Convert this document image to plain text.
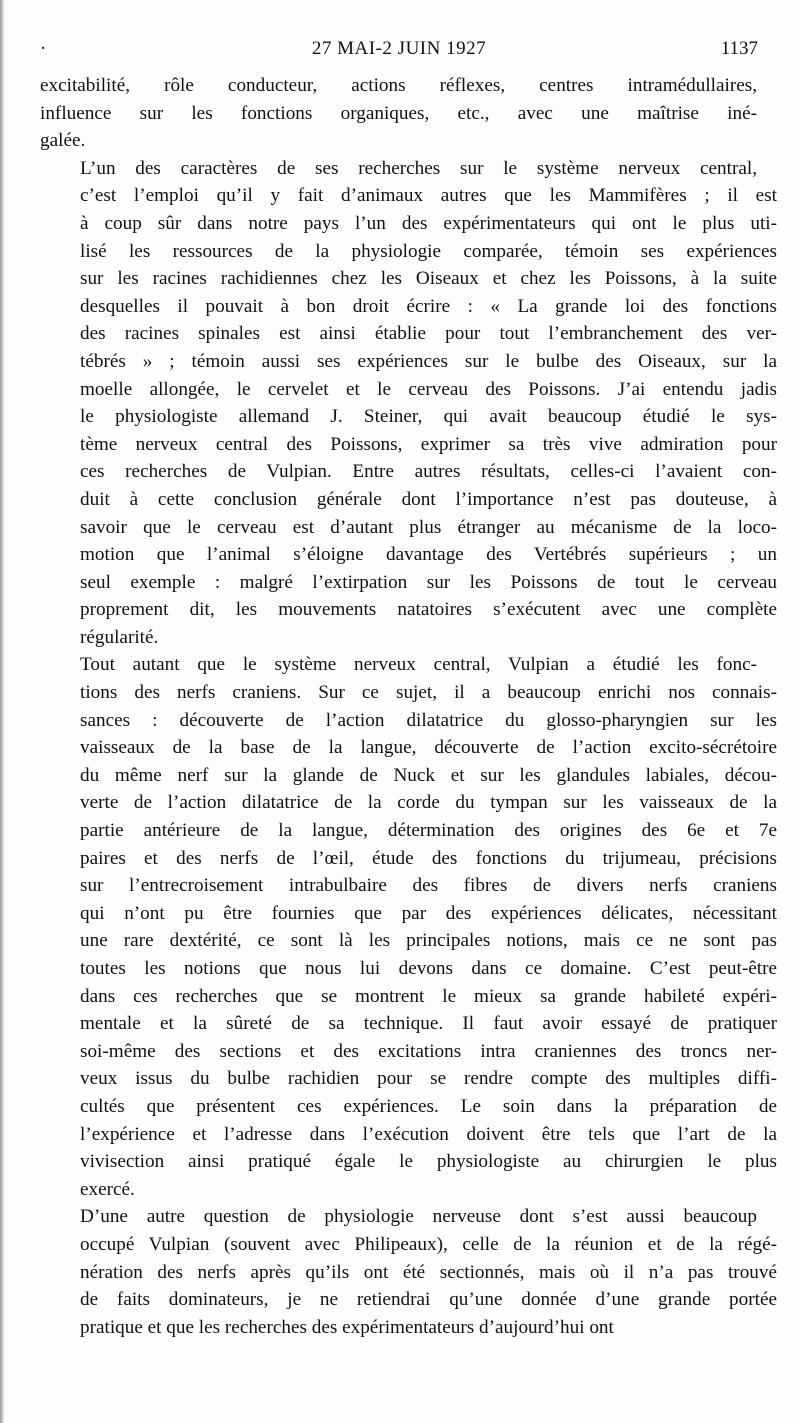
·	27 MAI-2 JUIN 1927	1137

excitabilité, rôle conducteur, actions réflexes, centres intramédullaires,
influence sur les fonctions organiques, etc., avec une maîtrise iné-
galée.

L’un des caractères de ses recherches sur le système nerveux central,
c’est l’emploi qu’il y fait d’animaux autres que les Mammifères ; il est
à coup sûr dans notre pays l’un des expérimentateurs qui ont le plus uti-
lisé les ressources de la physiologie comparée, témoin ses expériences
sur les racines rachidiennes chez les Oiseaux et chez les Poissons, à la suite
desquelles il pouvait à bon droit écrire : « La grande loi des fonctions
des racines spinales est ainsi établie pour tout l’embranchement des ver-
tébrés » ; témoin aussi ses expériences sur le bulbe des Oiseaux, sur la
moelle allongée, le cervelet et le cerveau des Poissons. J’ai entendu jadis
le physiologiste allemand J. Steiner, qui avait beaucoup étudié le sys-
tème nerveux central des Poissons, exprimer sa très vive admiration pour
ces recherches de Vulpian. Entre autres résultats, celles-ci l’avaient con-
duit à cette conclusion générale dont l’importance n’est pas douteuse, à
savoir que le cerveau est d’autant plus étranger au mécanisme de la loco-
motion que l’animal s’éloigne davantage des Vertébrés supérieurs ; un
seul exemple : malgré l’extirpation sur les Poissons de tout le cerveau
proprement dit, les mouvements natatoires s’exécutent avec une complète
régularité.

Tout autant que le système nerveux central, Vulpian a étudié les fonc-
tions des nerfs craniens. Sur ce sujet, il a beaucoup enrichi nos connais-
sances : découverte de l’action dilatatrice du glosso-pharyngien sur les
vaisseaux de la base de la langue, découverte de l’action excito-sécrétoire
du même nerf sur la glande de Nuck et sur les glandules labiales, décou-
verte de l’action dilatatrice de la corde du tympan sur les vaisseaux de la
partie antérieure de la langue, détermination des origines des 6e et 7e
paires et des nerfs de l’œil, étude des fonctions du trijumeau, précisions
sur l’entrecroisement intrabulbaire des fibres de divers nerfs craniens
qui n’ont pu être fournies que par des expériences délicates, nécessitant
une rare dextérité, ce sont là les principales notions, mais ce ne sont pas
toutes les notions que nous lui devons dans ce domaine. C’est peut-être
dans ces recherches que se montrent le mieux sa grande habileté expéri-
mentale et la sûreté de sa technique. Il faut avoir essayé de pratiquer
soi-même des sections et des excitations intra craniennes des troncs ner-
veux issus du bulbe rachidien pour se rendre compte des multiples diffi-
cultés que présentent ces expériences. Le soin dans la préparation de
l’expérience et l’adresse dans l’exécution doivent être tels que l’art de la
vivisection ainsi pratiqué égale le physiologiste au chirurgien le plus
exercé.

D’une autre question de physiologie nerveuse dont s’est aussi beaucoup
occupé Vulpian (souvent avec Philipeaux), celle de la réunion et de la régé-
nération des nerfs après qu’ils ont été sectionnés, mais où il n’a pas trouvé
de faits dominateurs, je ne retiendrai qu’une donnée d’une grande portée
pratique et que les recherches des expérimentateurs d’aujourd’hui ont
